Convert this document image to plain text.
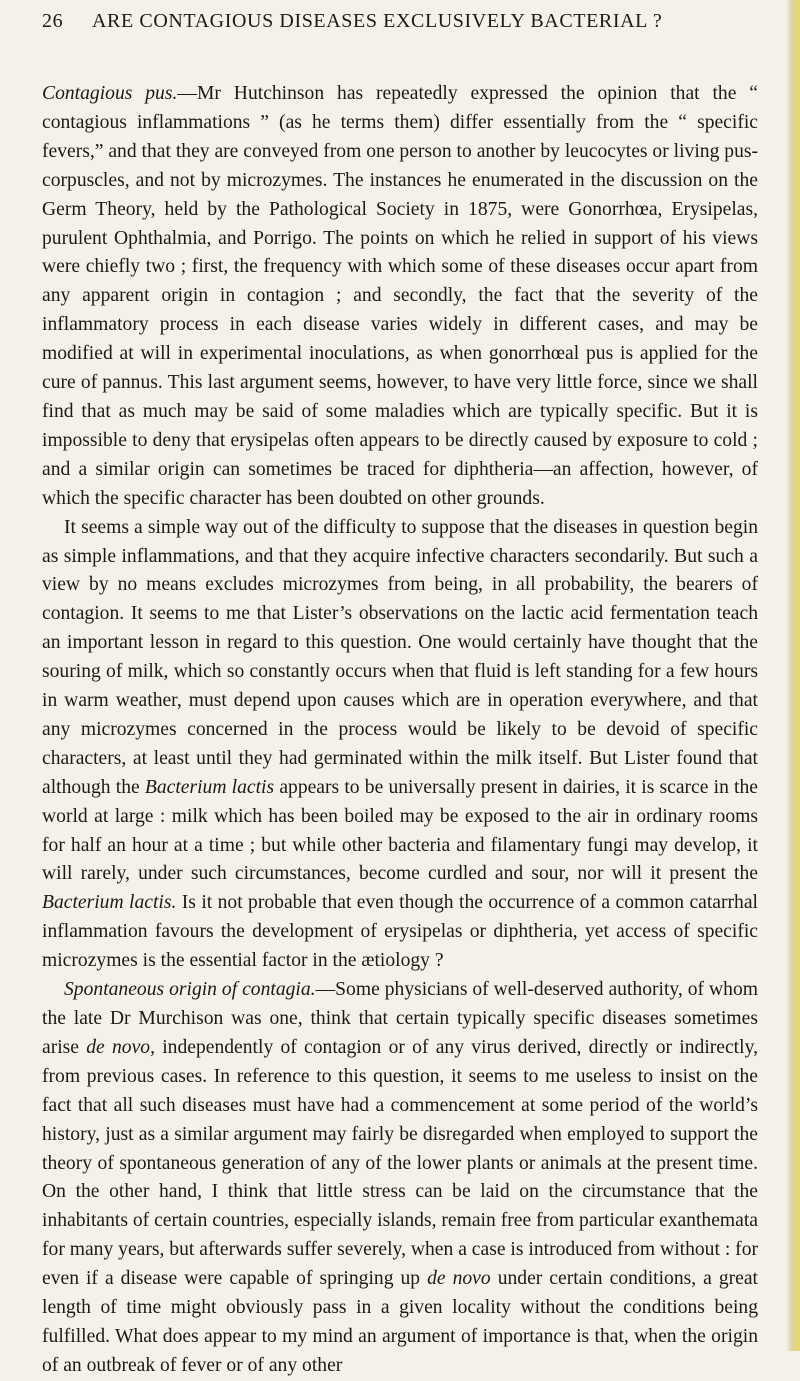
26 ARE CONTAGIOUS DISEASES EXCLUSIVELY BACTERIAL ?

Contagious pus.—Mr Hutchinson has repeatedly expressed the opinion that the “ contagious inflammations ” (as he terms them) differ essentially from the “ specific fevers,” and that they are conveyed from one person to another by leucocytes or living pus-corpuscles, and not by microzymes. The instances he enumerated in the discussion on the Germ Theory, held by the Pathological Society in 1875, were Gonorrhœa, Erysipelas, purulent Ophthalmia, and Porrigo. The points on which he relied in support of his views were chiefly two ; first, the frequency with which some of these diseases occur apart from any apparent origin in contagion ; and secondly, the fact that the severity of the inflammatory process in each disease varies widely in different cases, and may be modified at will in experimental inoculations, as when gonorrhœal pus is applied for the cure of pannus. This last argument seems, however, to have very little force, since we shall find that as much may be said of some maladies which are typically specific. But it is impossible to deny that erysipelas often appears to be directly caused by exposure to cold ; and a similar origin can sometimes be traced for diphtheria—an affection, however, of which the specific character has been doubted on other grounds.

It seems a simple way out of the difficulty to suppose that the diseases in question begin as simple inflammations, and that they acquire infective characters secondarily. But such a view by no means excludes microzymes from being, in all probability, the bearers of contagion. It seems to me that Lister’s observations on the lactic acid fermentation teach an important lesson in regard to this question. One would certainly have thought that the souring of milk, which so constantly occurs when that fluid is left standing for a few hours in warm weather, must depend upon causes which are in operation everywhere, and that any microzymes concerned in the process would be likely to be devoid of specific characters, at least until they had germinated within the milk itself. But Lister found that although the Bacterium lactis appears to be universally present in dairies, it is scarce in the world at large : milk which has been boiled may be exposed to the air in ordinary rooms for half an hour at a time ; but while other bacteria and filamentary fungi may develop, it will rarely, under such circumstances, become curdled and sour, nor will it present the Bacterium lactis. Is it not probable that even though the occurrence of a common catarrhal inflammation favours the development of erysipelas or diphtheria, yet access of specific microzymes is the essential factor in the ætiology ?

Spontaneous origin of contagia.—Some physicians of well-deserved authority, of whom the late Dr Murchison was one, think that certain typically specific diseases sometimes arise de novo, independently of contagion or of any virus derived, directly or indirectly, from previous cases. In reference to this question, it seems to me useless to insist on the fact that all such diseases must have had a commencement at some period of the world’s history, just as a similar argument may fairly be disregarded when employed to support the theory of spontaneous generation of any of the lower plants or animals at the present time. On the other hand, I think that little stress can be laid on the circumstance that the inhabitants of certain countries, especially islands, remain free from particular exanthemata for many years, but afterwards suffer severely, when a case is introduced from without : for even if a disease were capable of springing up de novo under certain conditions, a great length of time might obviously pass in a given locality without the conditions being fulfilled. What does appear to my mind an argument of importance is that, when the origin of an outbreak of fever or of any other
